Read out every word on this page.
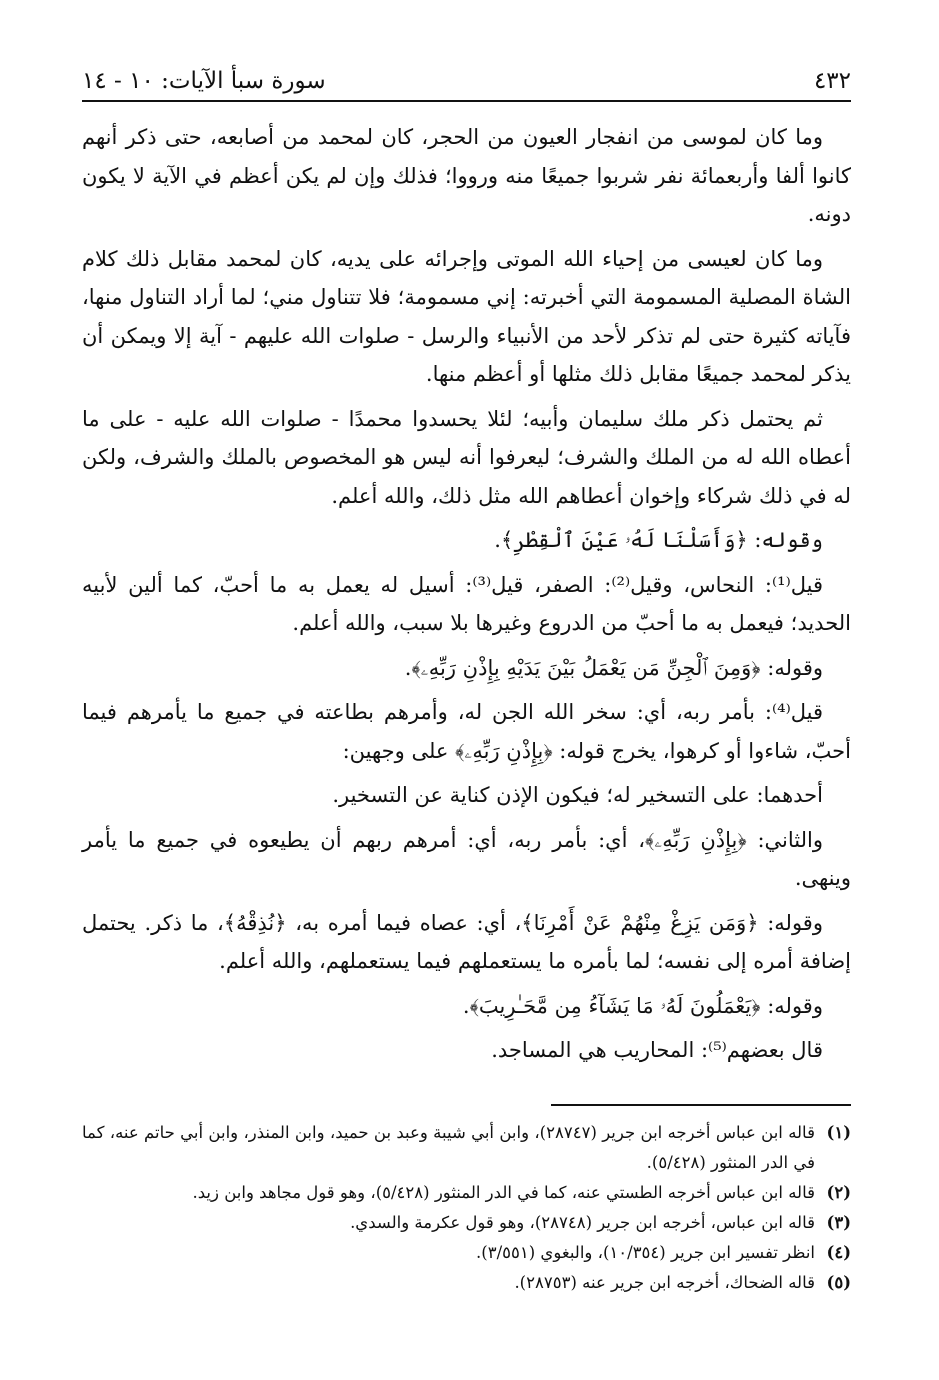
٤٣٢
سورة سبأ الآيات: ١٠ - ١٤

وما كان لموسى من انفجار العيون من الحجر، كان لمحمد من أصابعه، حتى ذكر أنهم كانوا ألفا وأربعمائة نفر شربوا جميعًا منه ورووا؛ فذلك وإن لم يكن أعظم في الآية لا يكون دونه.

وما كان لعيسى من إحياء الله الموتى وإجرائه على يديه، كان لمحمد مقابل ذلك كلام الشاة المصلية المسمومة التي أخبرته: إني مسمومة؛ فلا تتناول مني؛ لما أراد التناول منها، فآياته كثيرة حتى لم تذكر لأحد من الأنبياء والرسل - صلوات الله عليهم - آية إلا ويمكن أن يذكر لمحمد جميعًا مقابل ذلك مثلها أو أعظم منها.

ثم يحتمل ذكر ملك سليمان وأبيه؛ لئلا يحسدوا محمدًا - صلوات الله عليه - على ما أعطاه الله له من الملك والشرف؛ ليعرفوا أنه ليس هو المخصوص بالملك والشرف، ولكن له في ذلك شركاء وإخوان أعطاهم الله مثل ذلك، والله أعلم.

وقوله: ﴿وَأَسَلْنَا لَهُۥ عَيْنَ ٱلْقِطْرِ﴾.

قيل⁽¹⁾: النحاس، وقيل⁽²⁾: الصفر، قيل⁽³⁾: أسيل له يعمل به ما أحبّ، كما ألين لأبيه الحديد؛ فيعمل به ما أحبّ من الدروع وغيرها بلا سبب، والله أعلم.

وقوله: ﴿وَمِنَ ٱلْجِنِّ مَن يَعْمَلُ بَيْنَ يَدَيْهِ بِإِذْنِ رَبِّهِۦ﴾.

قيل⁽⁴⁾: بأمر ربه، أي: سخر الله الجن له، وأمرهم بطاعته في جميع ما يأمرهم فيما أحبّ، شاءوا أو كرهوا، يخرج قوله: ﴿بِإِذْنِ رَبِّهِۦ﴾ على وجهين:

أحدهما: على التسخير له؛ فيكون الإذن كناية عن التسخير.

والثاني: ﴿بِإِذْنِ رَبِّهِۦ﴾، أي: بأمر ربه، أي: أمرهم ربهم أن يطيعوه في جميع ما يأمر وينهى.

وقوله: ﴿وَمَن يَزِغْ مِنْهُمْ عَنْ أَمْرِنَا﴾، أي: عصاه فيما أمره به، ﴿نُذِقْهُ﴾، ما ذكر. يحتمل إضافة أمره إلى نفسه؛ لما بأمره ما يستعملهم فيما يستعملهم، والله أعلم.

وقوله: ﴿يَعْمَلُونَ لَهُۥ مَا يَشَآءُ مِن مَّحَـٰرِيبَ﴾.

قال بعضهم⁽⁵⁾: المحاريب هي المساجد.

(١)
قاله ابن عباس أخرجه ابن جرير (٢٨٧٤٧)، وابن أبي شيبة وعبد بن حميد، وابن المنذر، وابن أبي حاتم عنه، كما في الدر المنثور (٥/٤٢٨).
(٢)
قاله ابن عباس أخرجه الطستي عنه، كما في الدر المنثور (٥/٤٢٨)، وهو قول مجاهد وابن زيد.
(٣)
قاله ابن عباس، أخرجه ابن جرير (٢٨٧٤٨)، وهو قول عكرمة والسدي.
(٤)
انظر تفسير ابن جرير (١٠/٣٥٤)، والبغوي (٣/٥٥١).
(٥)
قاله الضحاك، أخرجه ابن جرير عنه (٢٨٧٥٣).
